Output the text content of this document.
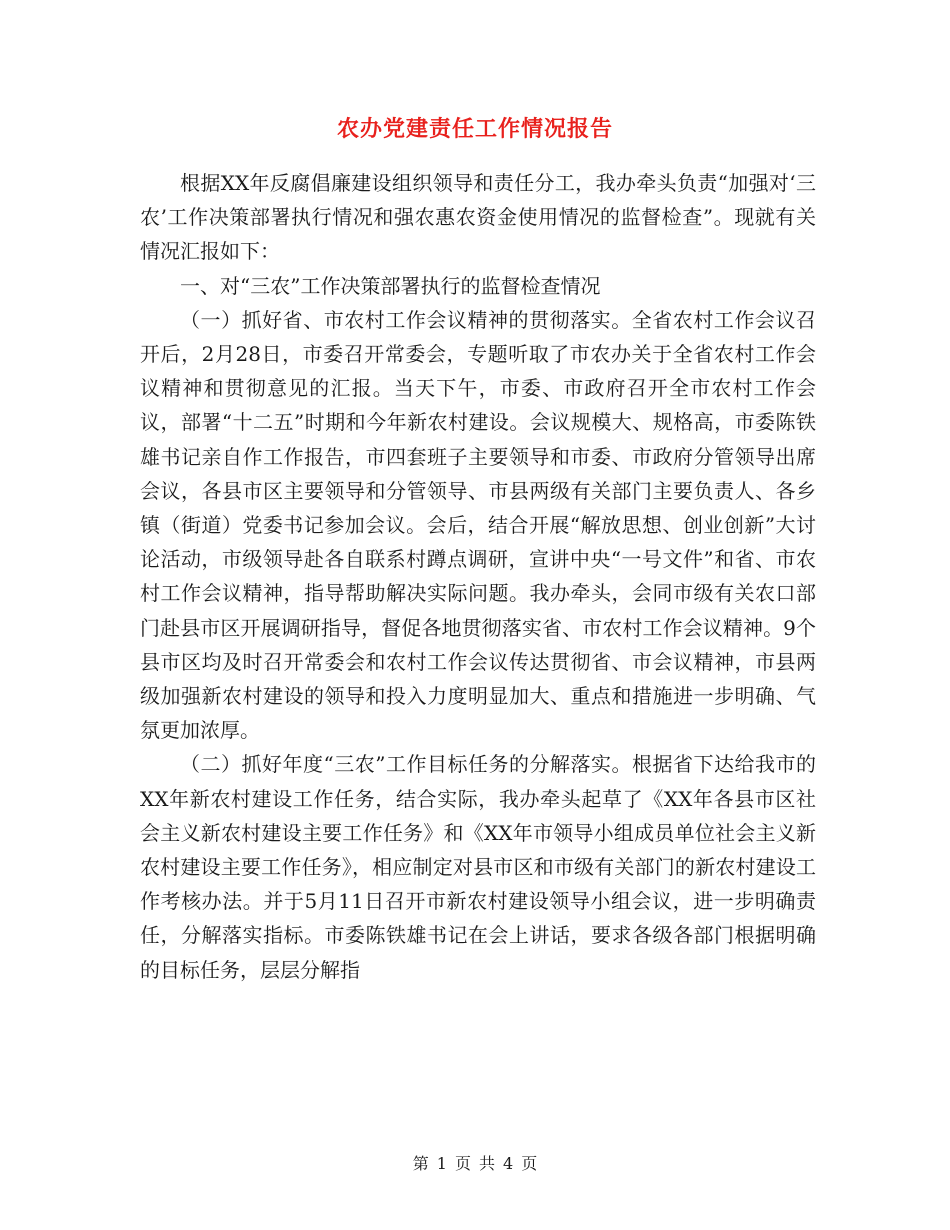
农办党建责任工作情况报告

根据XX年反腐倡廉建设组织领导和责任分工，我办牵头负责“加强对‘三农’工作决策部署执行情况和强农惠农资金使用情况的监督检查”。现就有关情况汇报如下：

一、对“三农”工作决策部署执行的监督检查情况

（一）抓好省、市农村工作会议精神的贯彻落实。全省农村工作会议召开后，2月28日，市委召开常委会，专题听取了市农办关于全省农村工作会议精神和贯彻意见的汇报。当天下午，市委、市政府召开全市农村工作会议，部署“十二五”时期和今年新农村建设。会议规模大、规格高，市委陈铁雄书记亲自作工作报告，市四套班子主要领导和市委、市政府分管领导出席会议，各县市区主要领导和分管领导、市县两级有关部门主要负责人、各乡镇（街道）党委书记参加会议。会后，结合开展“解放思想、创业创新”大讨论活动，市级领导赴各自联系村蹲点调研，宣讲中央“一号文件”和省、市农村工作会议精神，指导帮助解决实际问题。我办牵头，会同市级有关农口部门赴县市区开展调研指导，督促各地贯彻落实省、市农村工作会议精神。9个县市区均及时召开常委会和农村工作会议传达贯彻省、市会议精神，市县两级加强新农村建设的领导和投入力度明显加大、重点和措施进一步明确、气氛更加浓厚。

（二）抓好年度“三农”工作目标任务的分解落实。根据省下达给我市的XX年新农村建设工作任务，结合实际，我办牵头起草了《XX年各县市区社会主义新农村建设主要工作任务》和《XX年市领导小组成员单位社会主义新农村建设主要工作任务》，相应制定对县市区和市级有关部门的新农村建设工作考核办法。并于5月11日召开市新农村建设领导小组会议，进一步明确责任，分解落实指标。市委陈铁雄书记在会上讲话，要求各级各部门根据明确的目标任务，层层分解指

第 1 页 共 4 页
